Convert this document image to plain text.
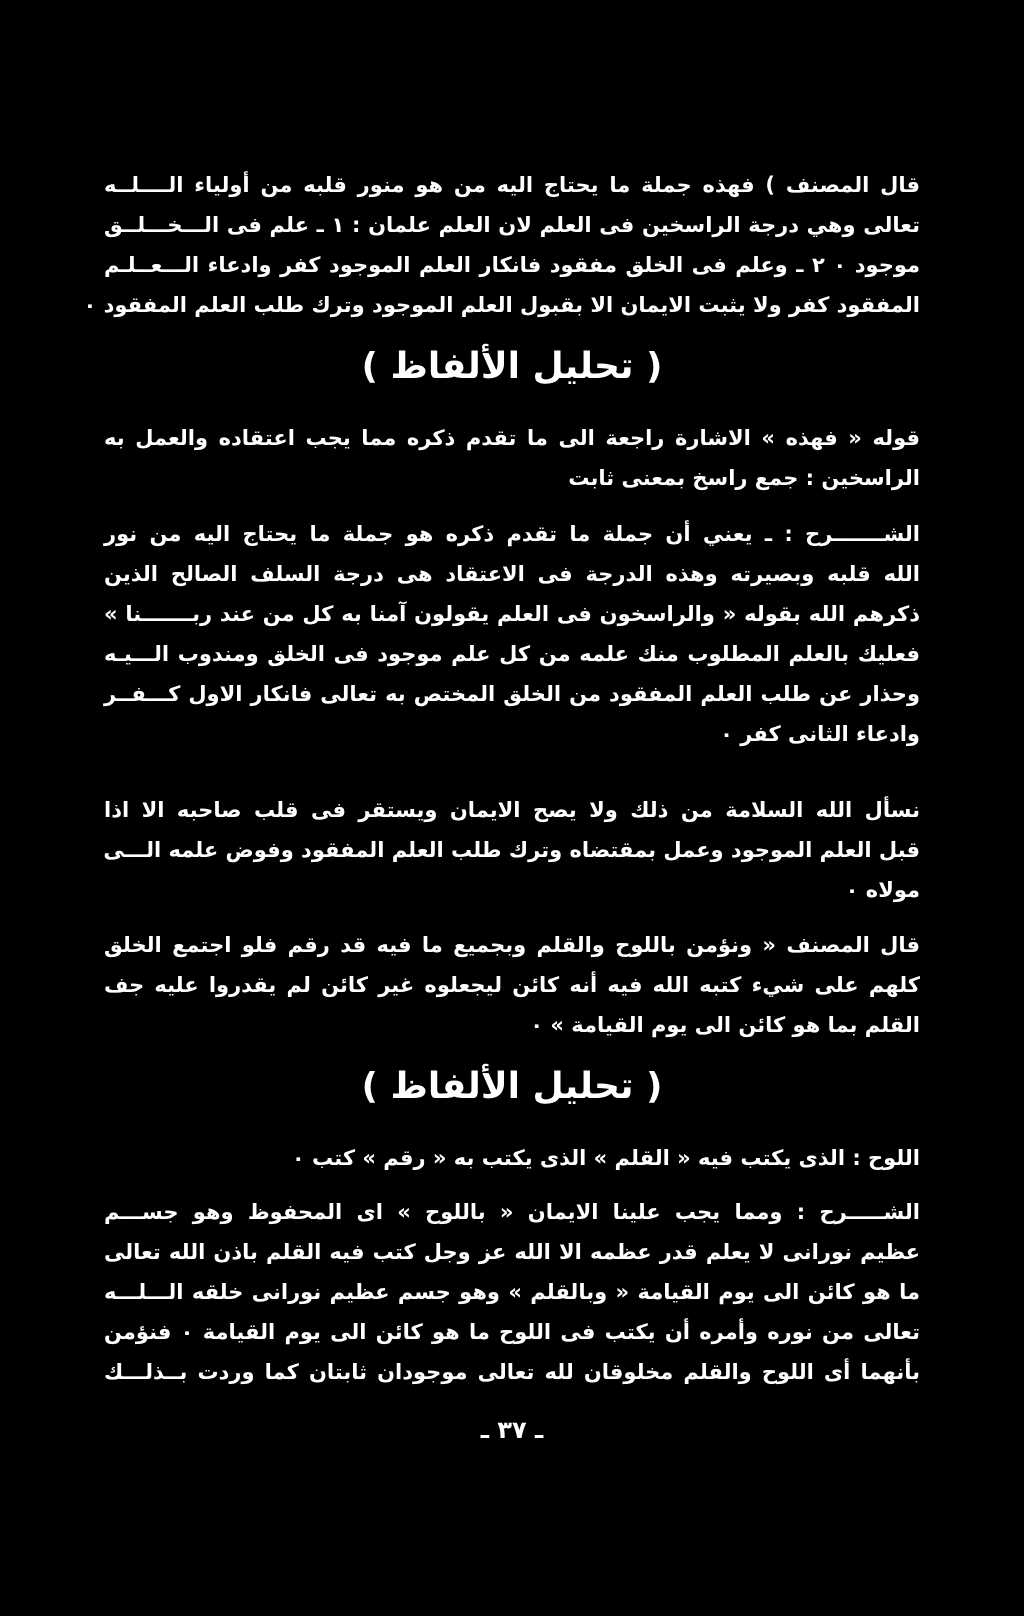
قال المصنف ) فهذه جملة ما يحتاج اليه من هو منور قلبه من أولياء الــــلــه
تعالى وهي درجة الراسخين فى العلم لان العلم علمان : ١ ـ علم فى الـــخـــلــق
موجود ٠ ٢ ـ وعلم فى الخلق مفقود فانكار العلم الموجود كفر وادعاء الـــعــلـم
المفقود كفر ولا يثبت الايمان الا بقبول العلم الموجود وترك طلب العلم المفقود ٠
( تحليل الألفاظ )
قوله « فهذه » الاشارة راجعة الى ما تقدم ذكره مما يجب اعتقاده والعمل به
الراسخين : جمع راسخ بمعنى ثابت
الشـــــــرح : ـ يعني أن جملة ما تقدم ذكره هو جملة ما يحتاج اليه من نور
الله قلبه وبصيرته وهذه الدرجة فى الاعتقاد هى درجة السلف الصالح الذين
ذكرهم الله بقوله « والراسخون فى العلم يقولون آمنا به كل من عند ربـــــــنا »
فعليك بالعلم المطلوب منك علمه من كل علم موجود فى الخلق ومندوب الـــيـه
وحذار عن طلب العلم المفقود من الخلق المختص به تعالى فانكار الاول كـــفــر
وادعاء الثانى كفر ٠
نسأل الله السلامة من ذلك ولا يصح الايمان ويستقر فى قلب صاحبه الا اذا
قبل العلم الموجود وعمل بمقتضاه وترك طلب العلم المفقود وفوض علمه الـــى
مولاه ٠
قال المصنف « ونؤمن باللوح والقلم وبجميع ما فيه قد رقم فلو اجتمع الخلق
كلهم على شيء كتبه الله فيه أنه كائن ليجعلوه غير كائن لم يقدروا عليه جف
القلم بما هو كائن الى يوم القيامة » ٠
( تحليل الألفاظ )
اللوح : الذى يكتب فيه « القلم » الذى يكتب به « رقم » كتب ٠
الشـــــرح : ومما يجب علينا الايمان « باللوح » اى المحفوظ وهو جســـم
عظيم نورانى لا يعلم قدر عظمه الا الله عز وجل كتب فيه القلم باذن الله تعالى
ما هو كائن الى يوم القيامة « وبالقلم » وهو جسم عظيم نورانى خلقه الـــلـــه
تعالى من نوره وأمره أن يكتب فى اللوح ما هو كائن الى يوم القيامة ٠ فنؤمن
بأنهما أى اللوح والقلم مخلوقان لله تعالى موجودان ثابتان كما وردت بــذلـــك
ـ ٣٧ ـ
